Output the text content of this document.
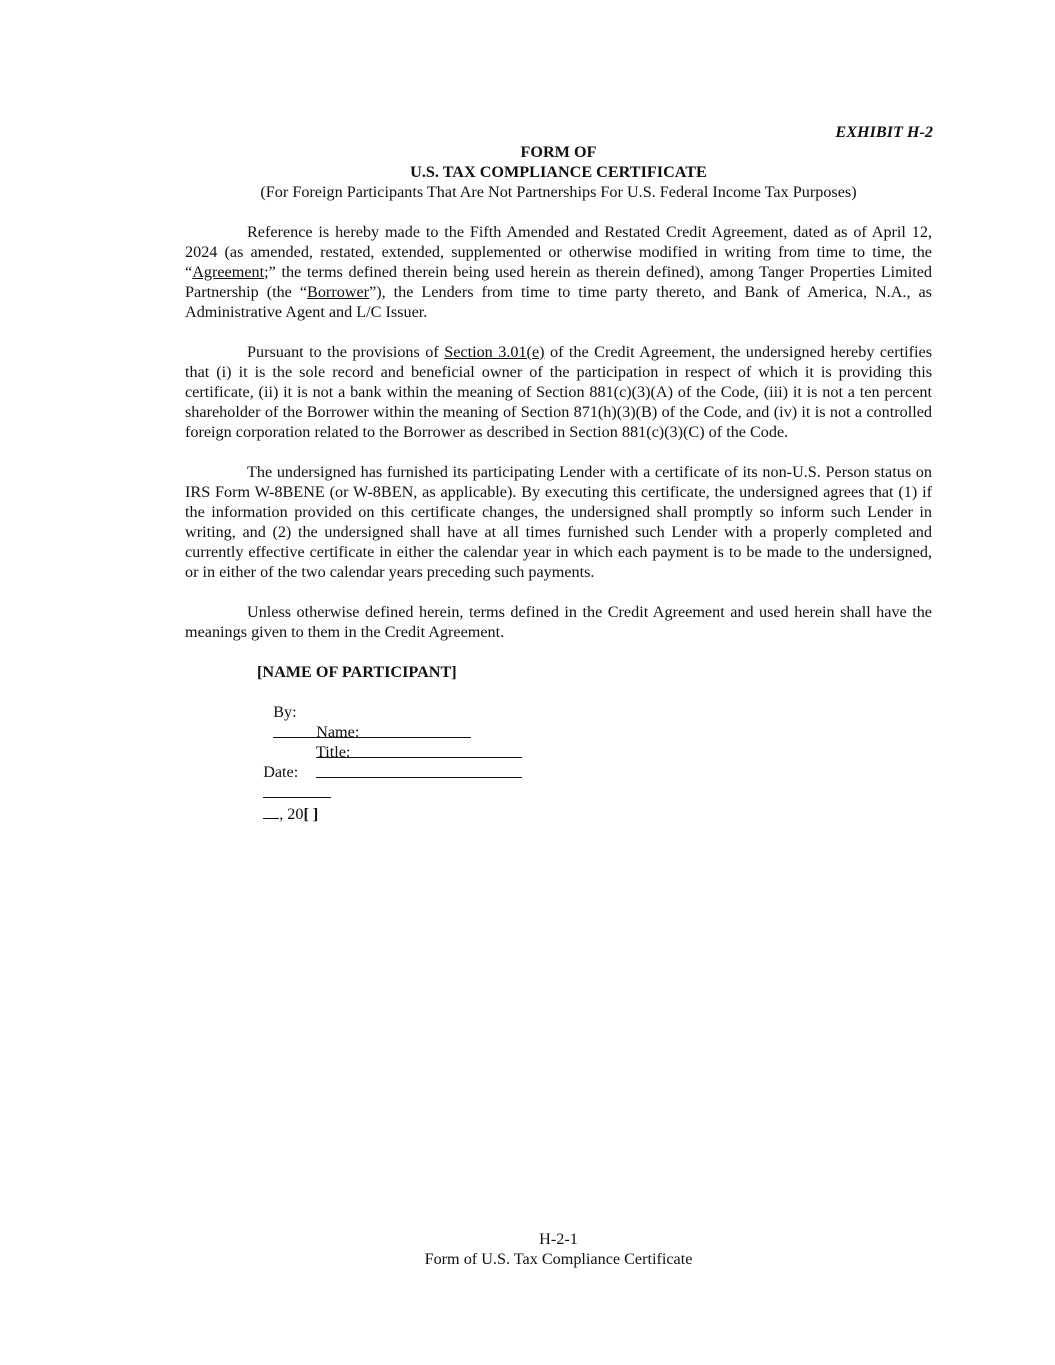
EXHIBIT H-2
FORM OF
U.S. TAX COMPLIANCE CERTIFICATE
(For Foreign Participants That Are Not Partnerships For U.S. Federal Income Tax Purposes)

Reference is hereby made to the Fifth Amended and Restated Credit Agreement, dated as of April 12, 2024 (as amended, restated, extended, supplemented or otherwise modified in writing from time to time, the “Agreement;” the terms defined therein being used herein as therein defined), among Tanger Properties Limited Partnership (the “Borrower”), the Lenders from time to time party thereto, and Bank of America, N.A., as Administrative Agent and L/C Issuer.

Pursuant to the provisions of Section 3.01(e) of the Credit Agreement, the undersigned hereby certifies that (i) it is the sole record and beneficial owner of the participation in respect of which it is providing this certificate, (ii) it is not a bank within the meaning of Section 881(c)(3)(A) of the Code, (iii) it is not a ten percent shareholder of the Borrower within the meaning of Section 871(h)(3)(B) of the Code, and (iv) it is not a controlled foreign corporation related to the Borrower as described in Section 881(c)(3)(C) of the Code.

The undersigned has furnished its participating Lender with a certificate of its non-U.S. Person status on IRS Form W-8BENE (or W-8BEN, as applicable). By executing this certificate, the undersigned agrees that (1) if the information provided on this certificate changes, the undersigned shall promptly so inform such Lender in writing, and (2) the undersigned shall have at all times furnished such Lender with a properly completed and currently effective certificate in either the calendar year in which each payment is to be made to the undersigned, or in either of the two calendar years preceding such payments.

Unless otherwise defined herein, terms defined in the Credit Agreement and used herein shall have the meanings given to them in the Credit Agreement.

[NAME OF PARTICIPANT]

By:

Name:

Title:

Date:

, 20[ ]

H-2-1
Form of U.S. Tax Compliance Certificate
